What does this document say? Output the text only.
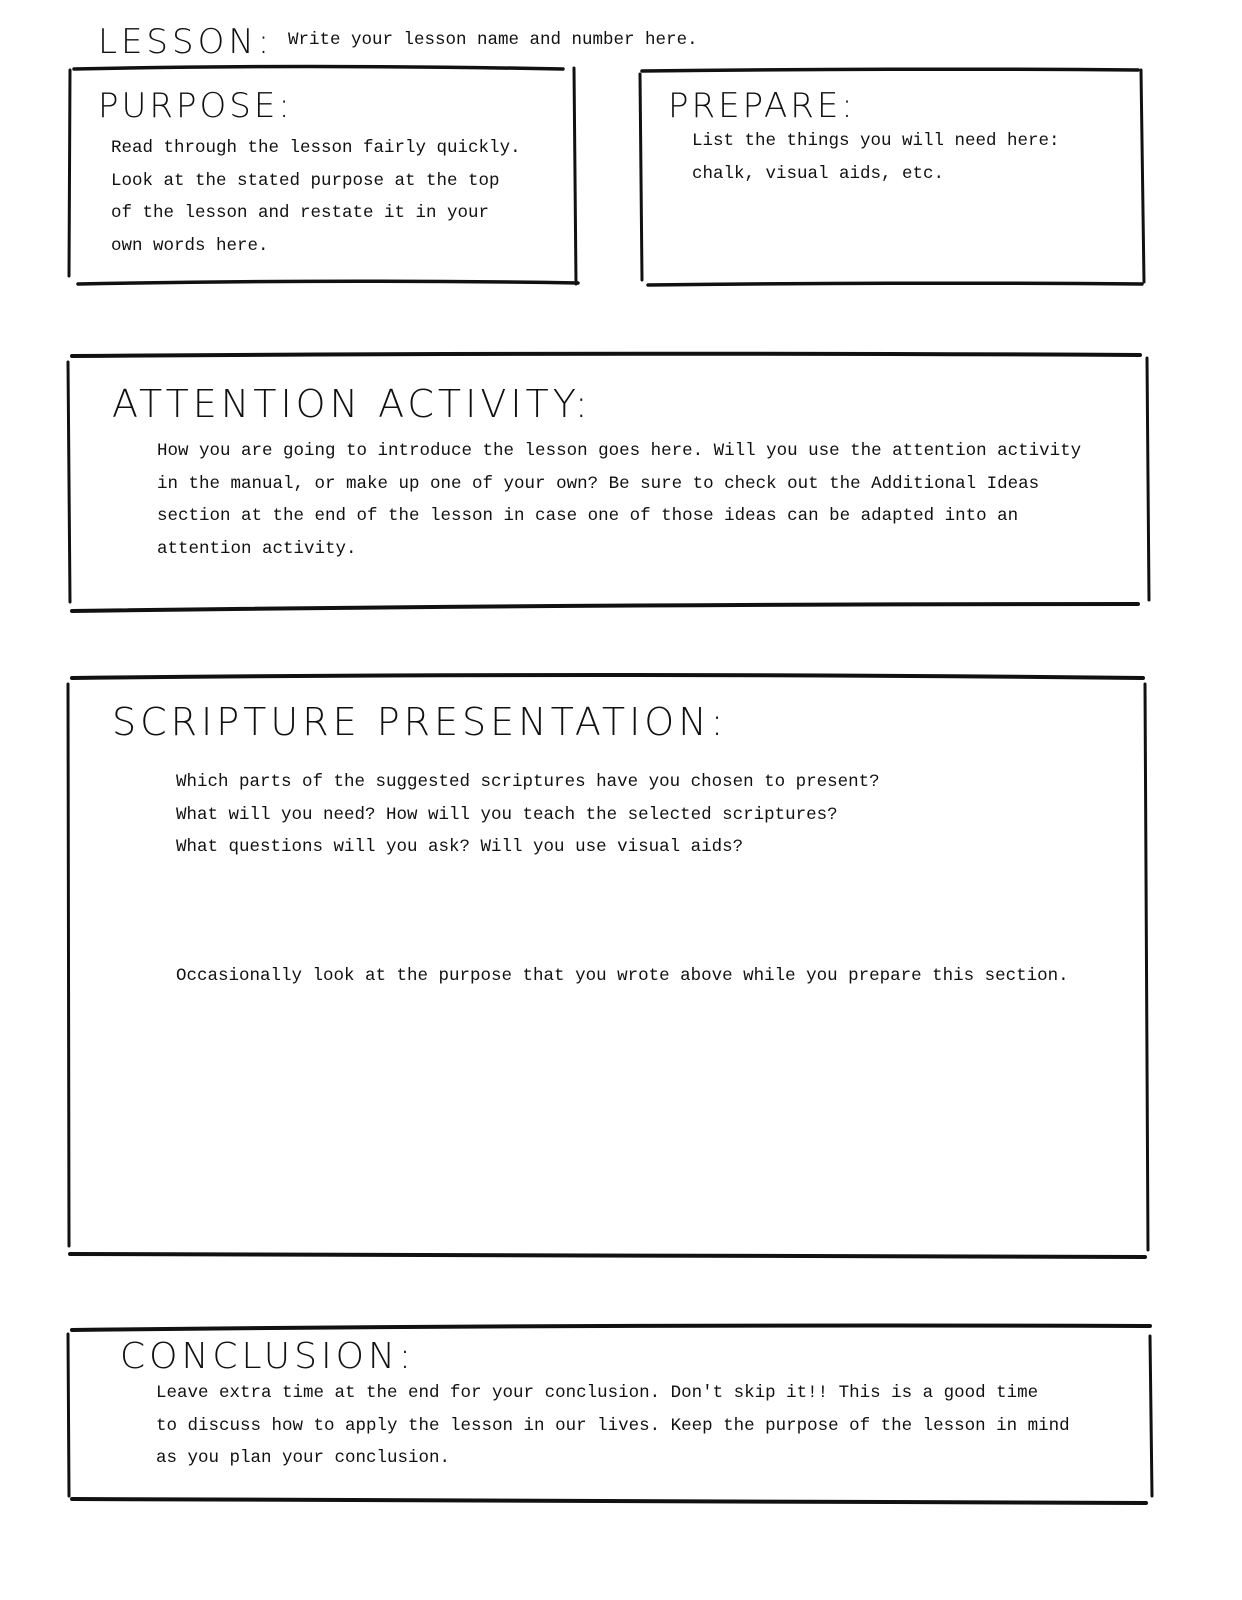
LESSON: Write your lesson name and number here.
PURPOSE:
Read through the lesson fairly quickly.
Look at the stated purpose at the top
of the lesson and restate it in your
own words here.
PREPARE:
List the things you will need here:
chalk, visual aids, etc.
ATTENTION ACTIVITY:
How you are going to introduce the lesson goes here. Will you use the attention activity
in the manual, or make up one of your own? Be sure to check out the Additional Ideas
section at the end of the lesson in case one of those ideas can be adapted into an
attention activity.
SCRIPTURE PRESENTATION:
Which parts of the suggested scriptures have you chosen to present?
What will you need? How will you teach the selected scriptures?
What questions will you ask? Will you use visual aids?
Occasionally look at the purpose that you wrote above while you prepare this section.
CONCLUSION:
Leave extra time at the end for your conclusion. Don't skip it!! This is a good time
to discuss how to apply the lesson in our lives. Keep the purpose of the lesson in mind
as you plan your conclusion.
